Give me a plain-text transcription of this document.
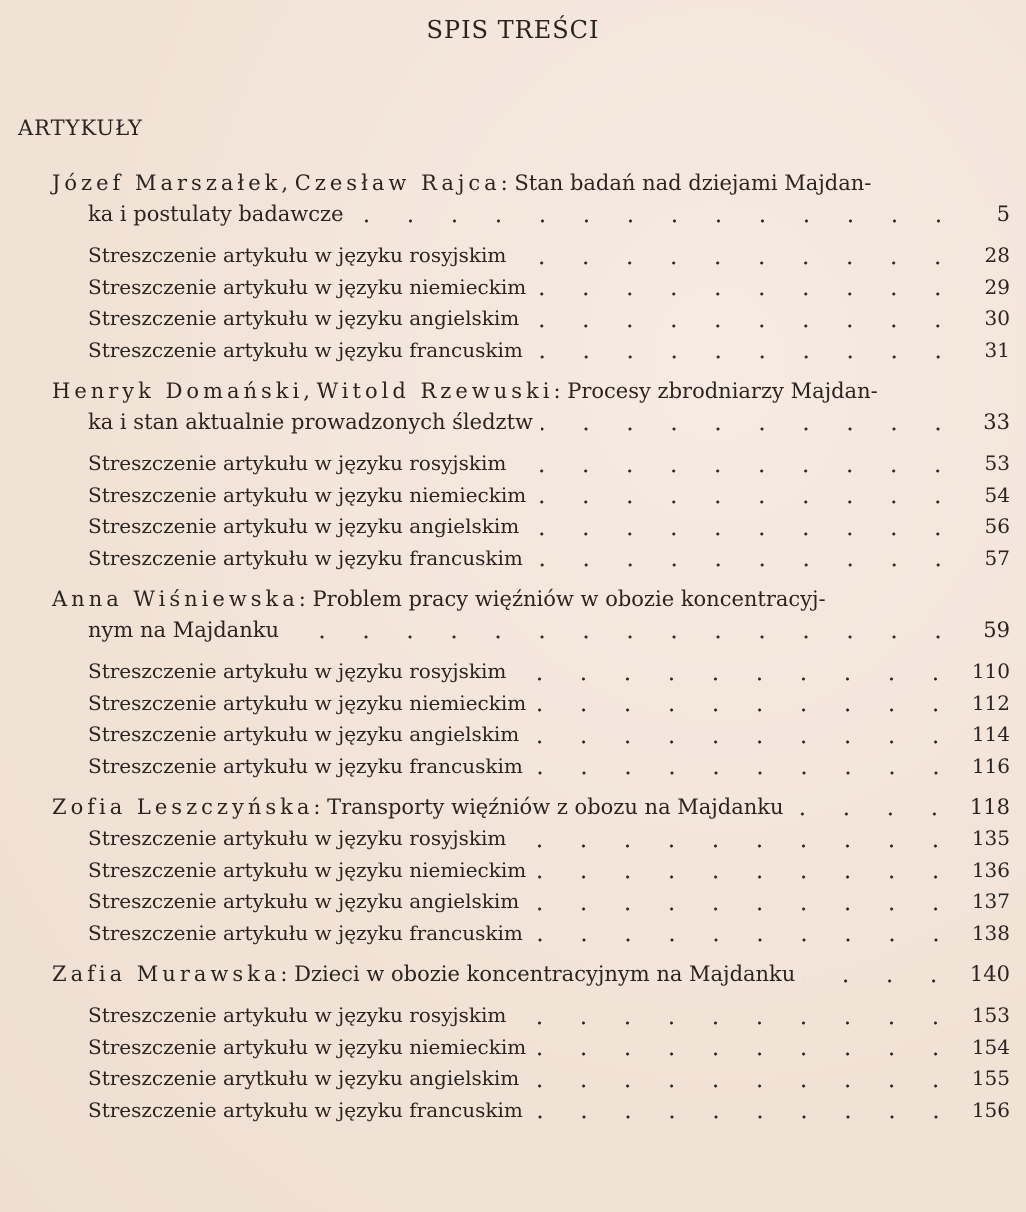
SPIS TREŚCI
ARTYKUŁY
Józef Marszałek, Czesław Rajca: Stan badań nad dziejami Majdan-
ka i postulaty badawcze	5
Streszczenie artykułu w języku rosyjskim	28
Streszczenie artykułu w języku niemieckim	29
Streszczenie artykułu w języku angielskim	30
Streszczenie artykułu w języku francuskim	31
Henryk Domański, Witold Rzewuski: Procesy zbrodniarzy Majdan-
ka i stan aktualnie prowadzonych śledztw	33
Streszczenie artykułu w języku rosyjskim	53
Streszczenie artykułu w języku niemieckim	54
Streszczenie artykułu w języku angielskim	56
Streszczenie artykułu w języku francuskim	57
Anna Wiśniewska: Problem pracy więźniów w obozie koncentracyj-
nym na Majdanku	59
Streszczenie artykułu w języku rosyjskim	110
Streszczenie artykułu w języku niemieckim	112
Streszczenie artykułu w języku angielskim	114
Streszczenie artykułu w języku francuskim	116
Zofia Leszczyńska: Transporty więźniów z obozu na Majdanku	118
Streszczenie artykułu w języku rosyjskim	135
Streszczenie artykułu w języku niemieckim	136
Streszczenie artykułu w języku angielskim	137
Streszczenie artykułu w języku francuskim	138
Zafia Murawska: Dzieci w obozie koncentracyjnym na Majdanku	140
Streszczenie artykułu w języku rosyjskim	153
Streszczenie artykułu w języku niemieckim	154
Streszczenie arytkułu w języku angielskim	155
Streszczenie artykułu w języku francuskim	156
